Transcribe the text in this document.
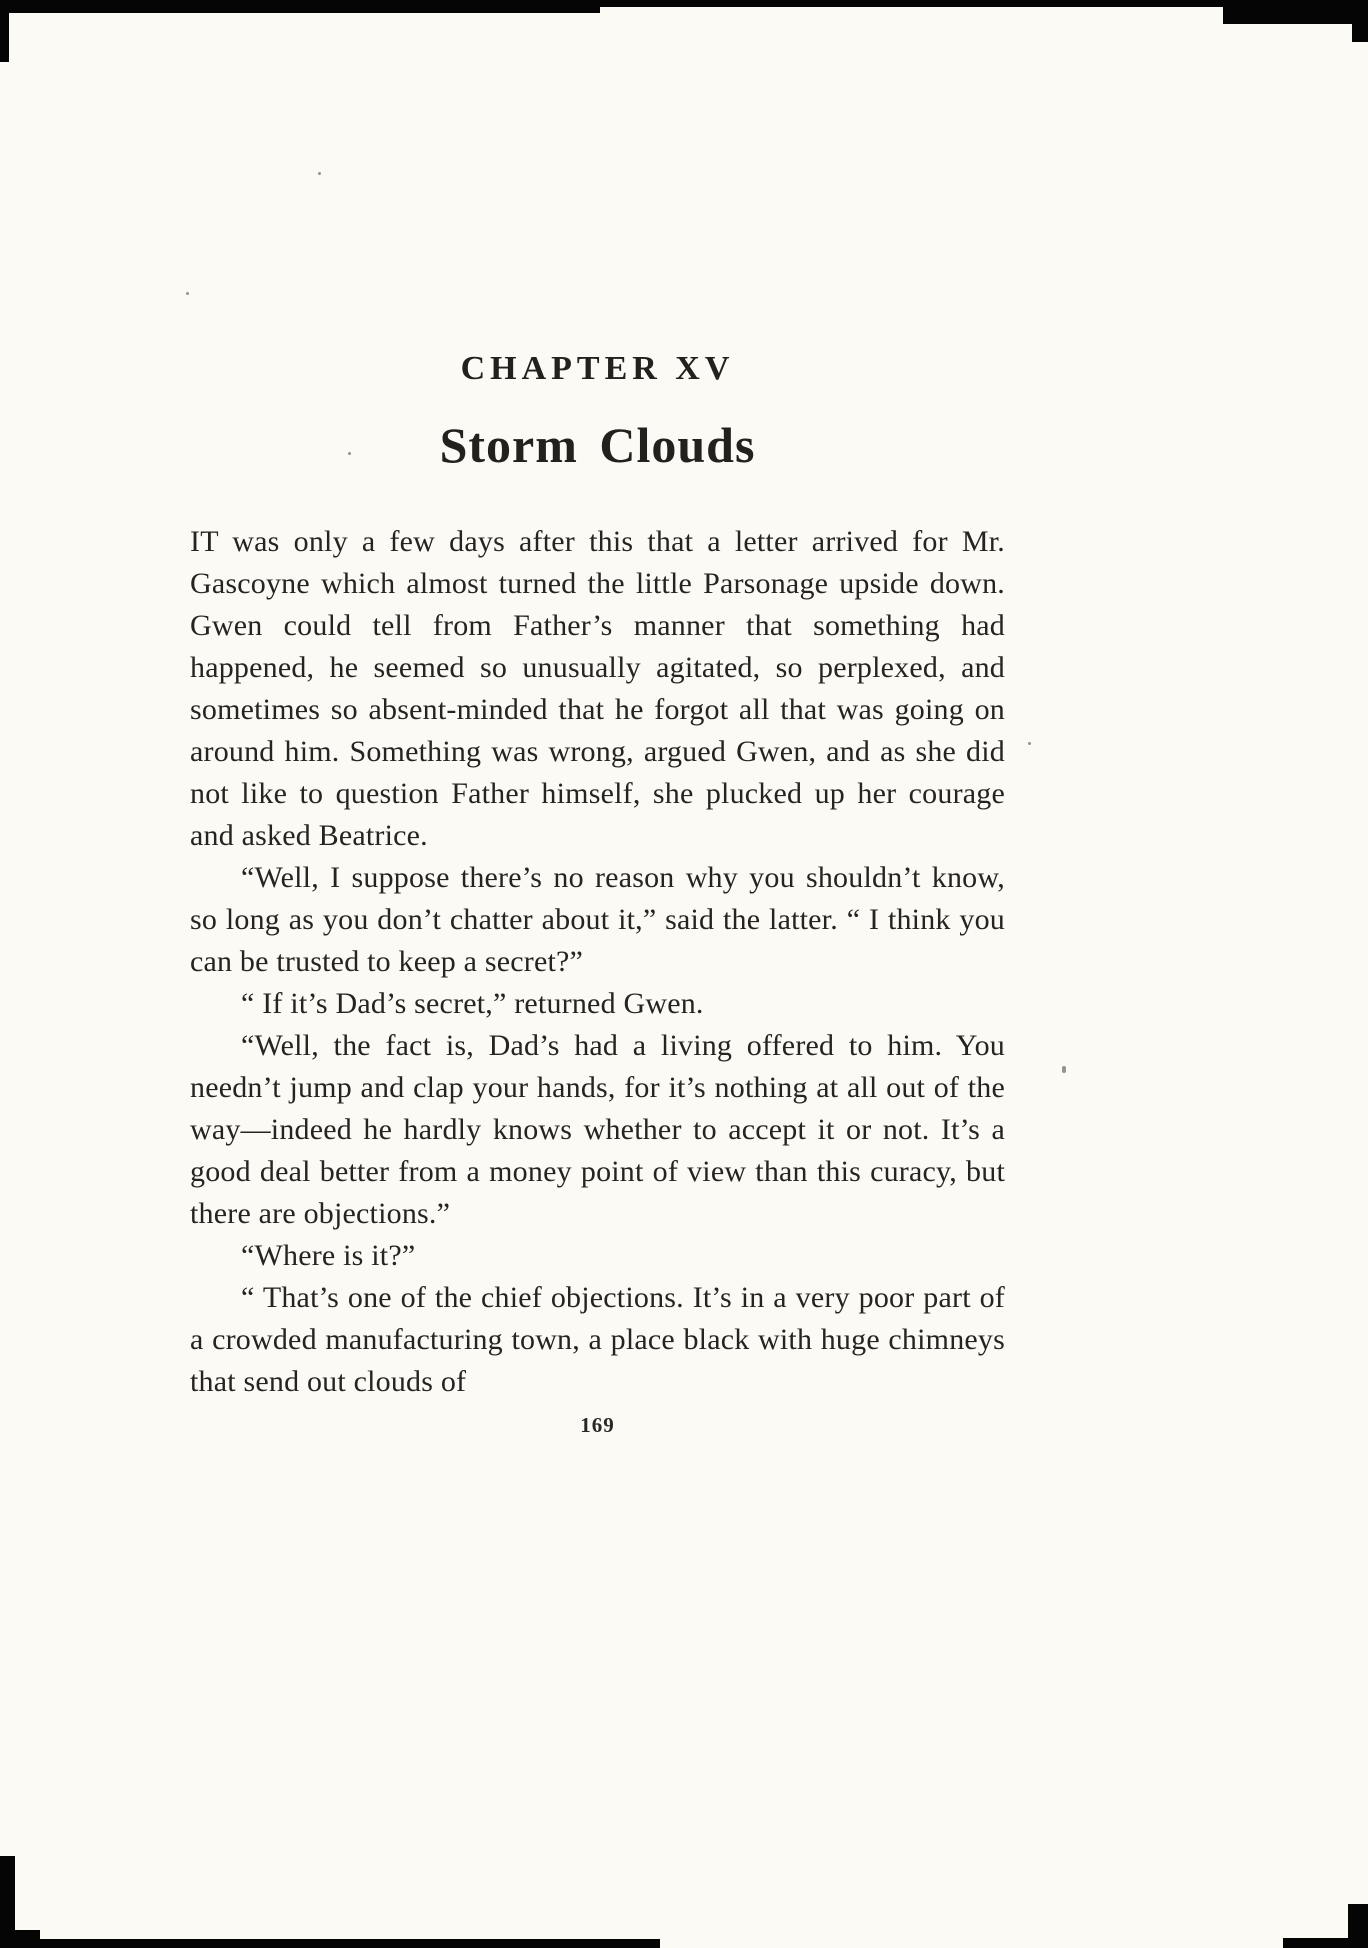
CHAPTER XV
Storm Clouds

IT was only a few days after this that a letter arrived for Mr. Gascoyne which almost turned the little Parsonage upside down. Gwen could tell from Father’s manner that something had happened, he seemed so unusually agitated, so perplexed, and sometimes so absent-minded that he forgot all that was going on around him. Something was wrong, argued Gwen, and as she did not like to question Father himself, she plucked up her courage and asked Beatrice.

“Well, I suppose there’s no reason why you shouldn’t know, so long as you don’t chatter about it,” said the latter. “ I think you can be trusted to keep a secret?”

“ If it’s Dad’s secret,” returned Gwen.

“Well, the fact is, Dad’s had a living offered to him. You needn’t jump and clap your hands, for it’s nothing at all out of the way—indeed he hardly knows whether to accept it or not. It’s a good deal better from a money point of view than this curacy, but there are objections.”

“Where is it?”

“ That’s one of the chief objections. It’s in a very poor part of a crowded manufacturing town, a place black with huge chimneys that send out clouds of

169
